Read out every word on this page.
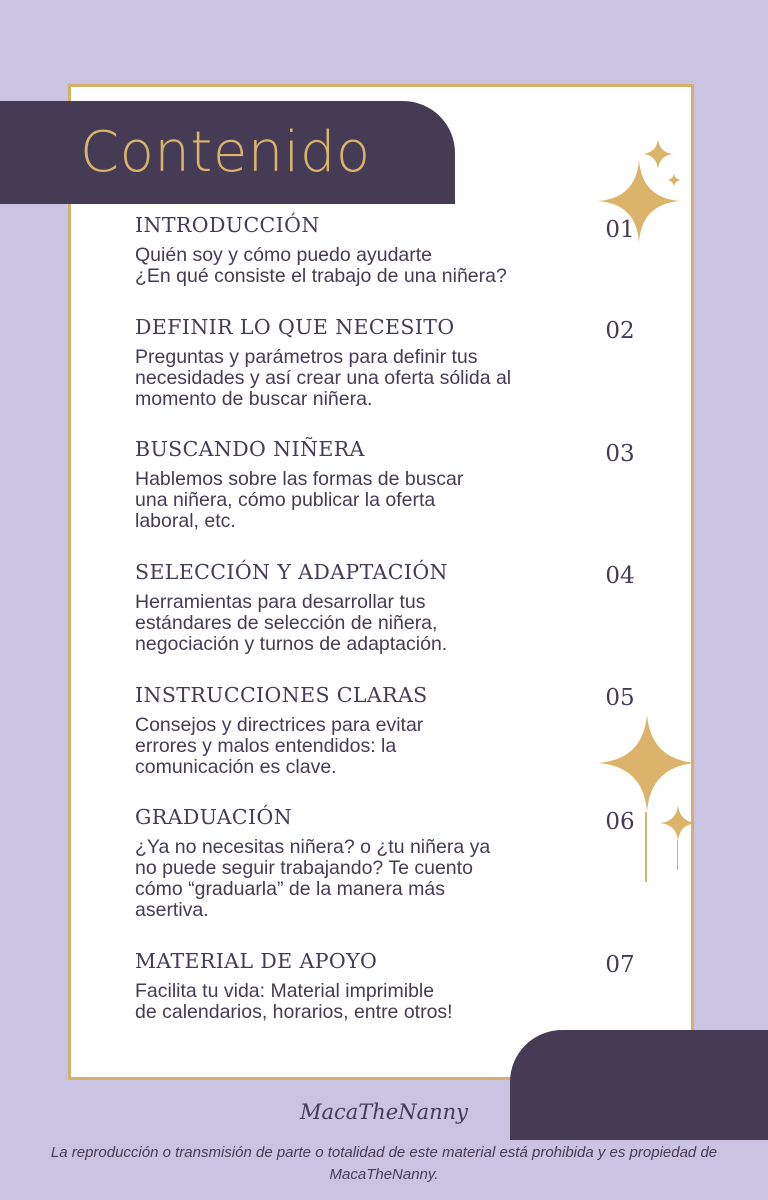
Contenido
INTRODUCCIÓN
Quién soy y cómo puedo ayudarte
¿En qué consiste el trabajo de una niñera?
01
DEFINIR LO QUE NECESITO
Preguntas y parámetros para definir tus
necesidades y así crear una oferta sólida al
momento de buscar niñera.
02
BUSCANDO NIÑERA
Hablemos sobre las formas de buscar
una niñera, cómo publicar la oferta
laboral, etc.
03
SELECCIÓN Y ADAPTACIÓN
Herramientas para desarrollar tus
estándares de selección de niñera,
negociación y turnos de adaptación.
04
INSTRUCCIONES CLARAS
Consejos y directrices para evitar
errores y malos entendidos: la
comunicación es clave.
05
GRADUACIÓN
¿Ya no necesitas niñera? o ¿tu niñera ya
no puede seguir trabajando? Te cuento
cómo “graduarla” de la manera más
asertiva.
06
MATERIAL DE APOYO
Facilita tu vida: Material imprimible
de calendarios, horarios, entre otros!
07
MacaTheNanny
La reproducción o transmisión de parte o totalidad de este material está prohibida y es propiedad de MacaTheNanny.
